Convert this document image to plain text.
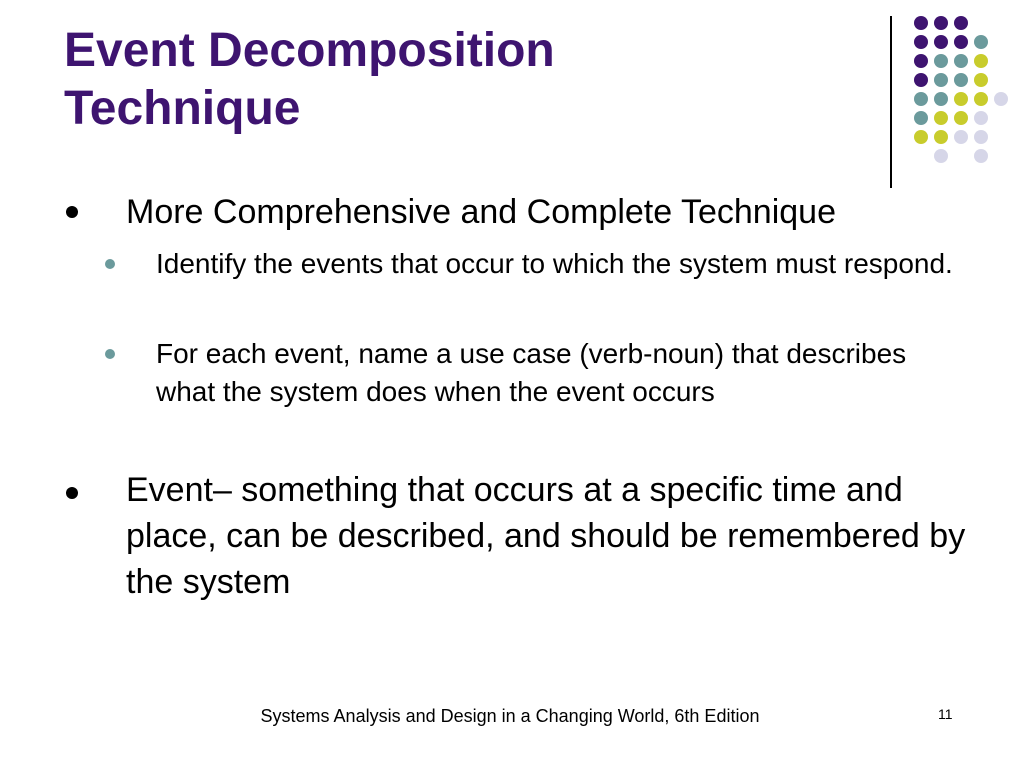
Event Decomposition
Technique
More Comprehensive and Complete Technique
Identify the events that occur to which the system must respond.
For each event, name a use case (verb-noun) that describes what the system does when the event occurs
Event– something that occurs at a specific time and place, can be described, and should be remembered by the system
Systems Analysis and Design in a Changing World, 6th Edition	11
